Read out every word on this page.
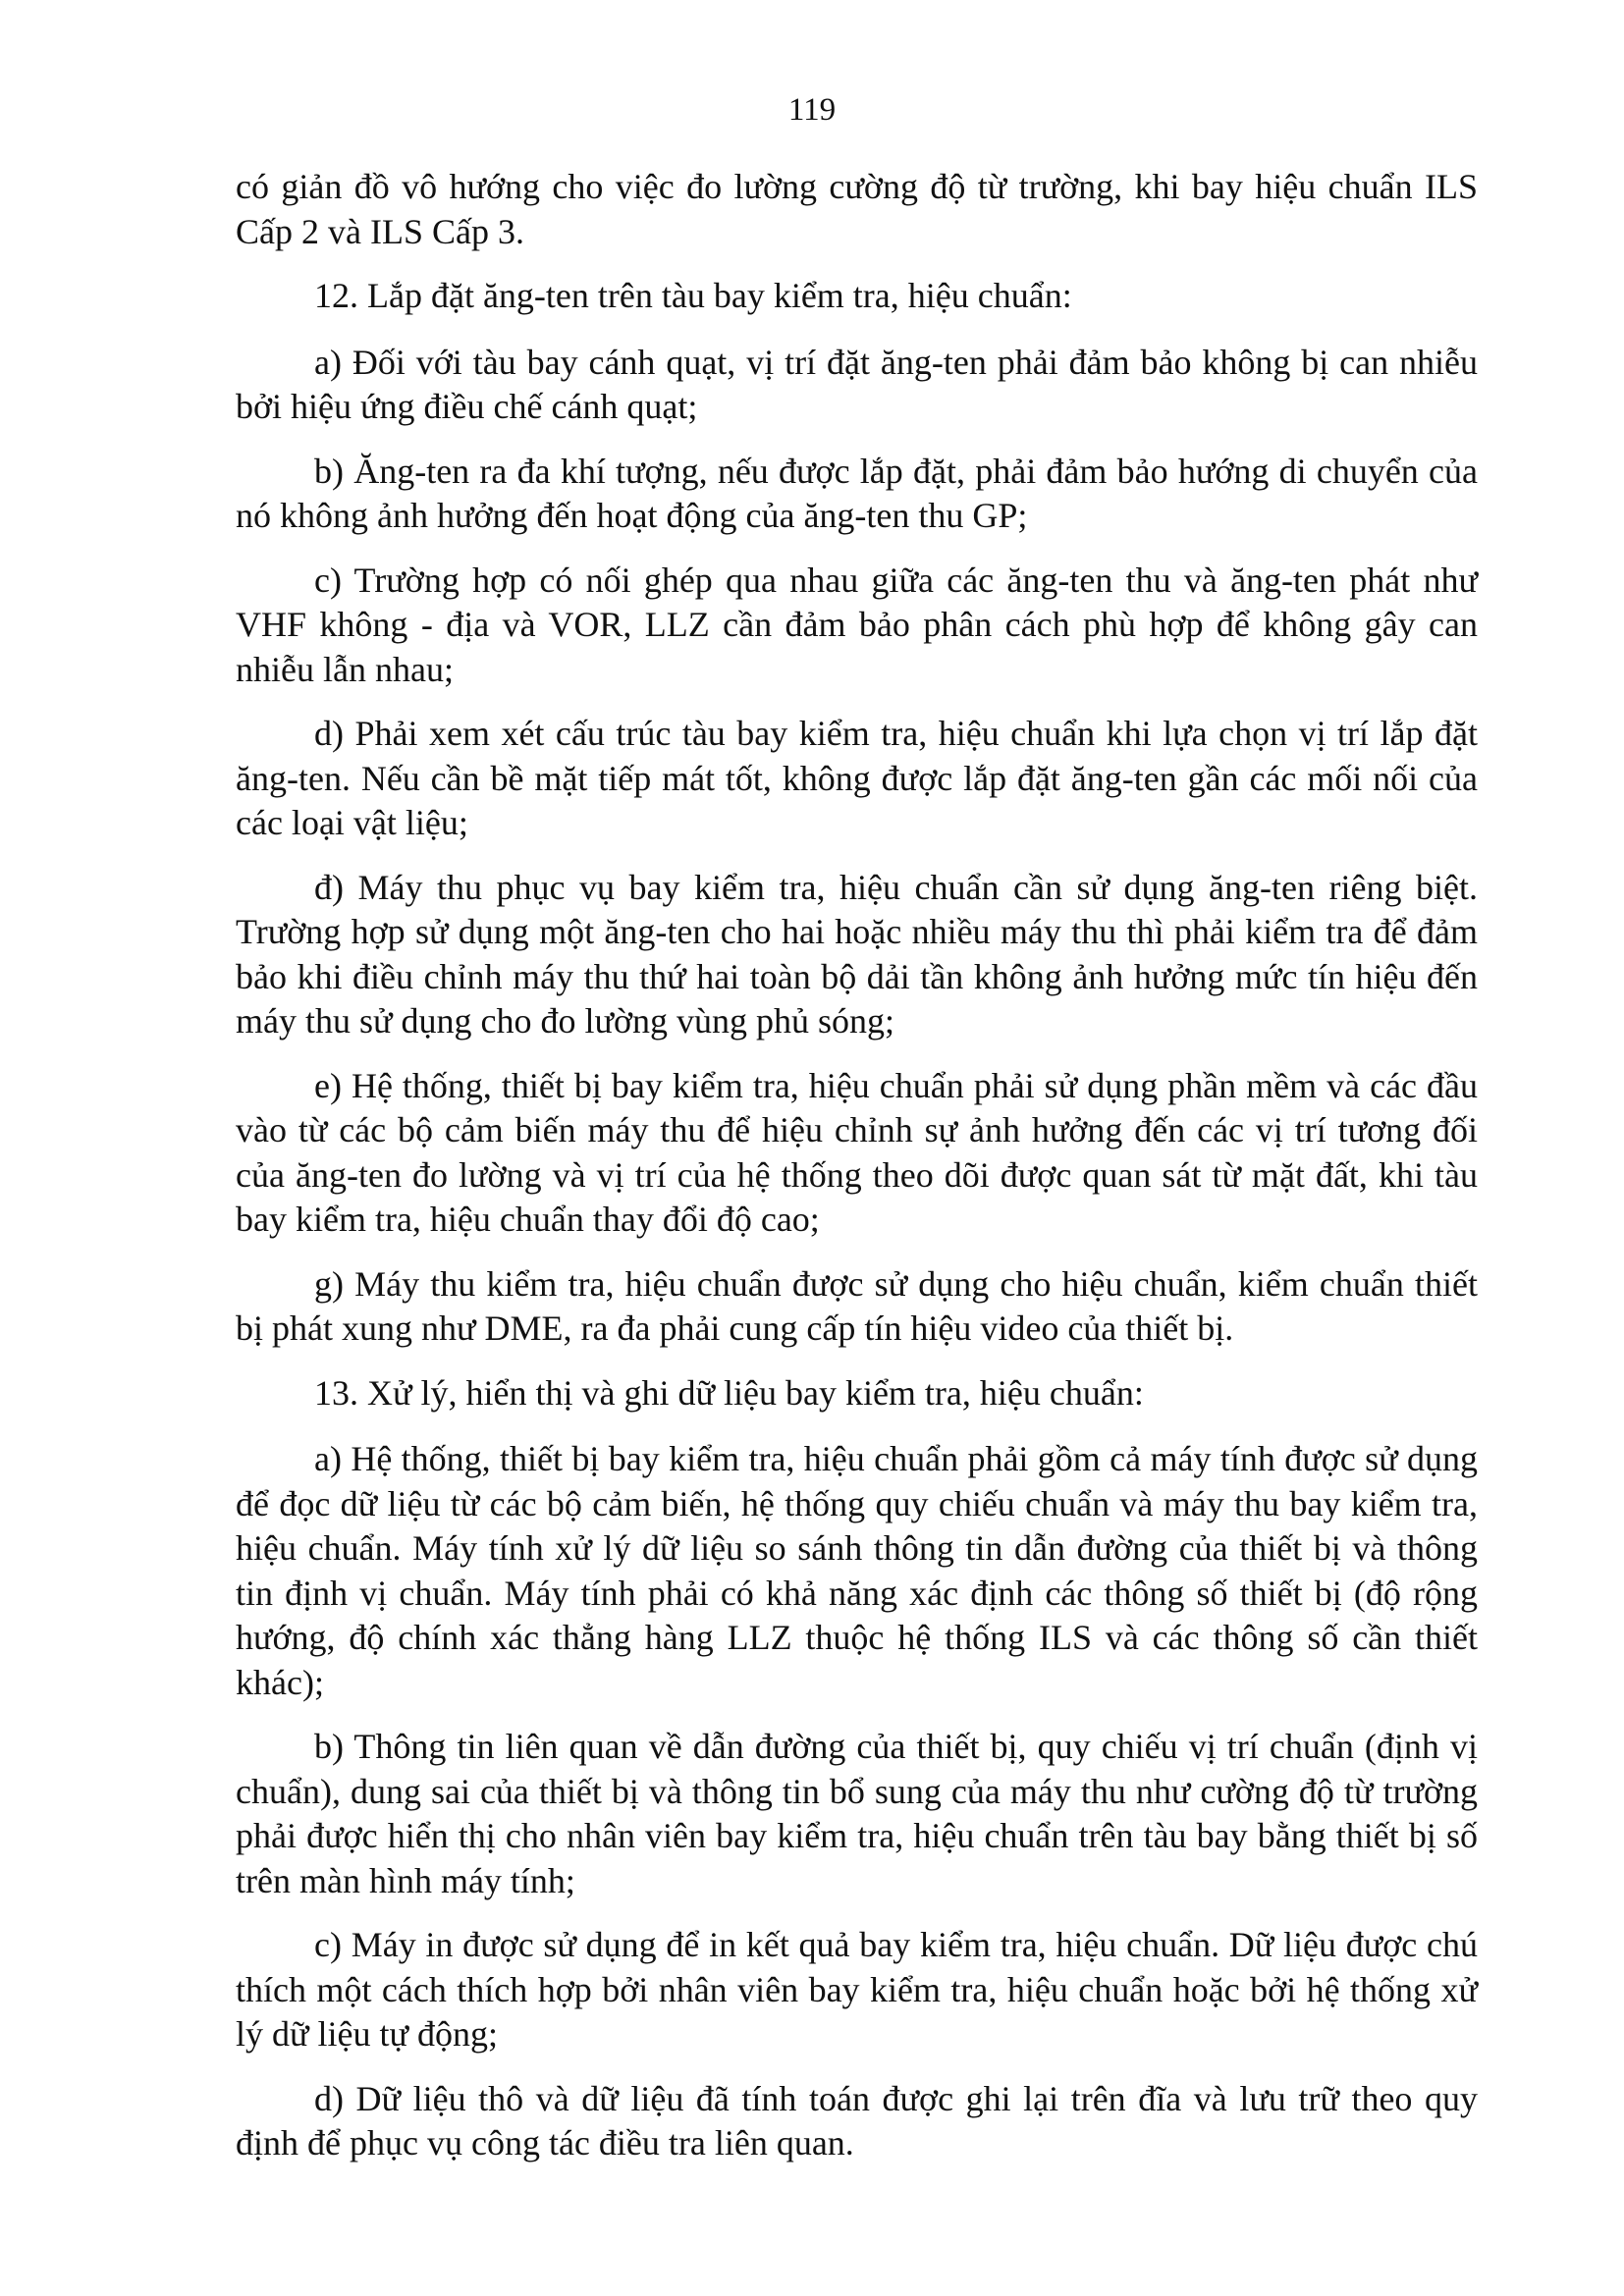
119

có giản đồ vô hướng cho việc đo lường cường độ từ trường, khi bay hiệu chuẩn ILS Cấp 2 và ILS Cấp 3.

12. Lắp đặt ăng-ten trên tàu bay kiểm tra, hiệu chuẩn:

a) Đối với tàu bay cánh quạt, vị trí đặt ăng-ten phải đảm bảo không bị can nhiễu bởi hiệu ứng điều chế cánh quạt;

b) Ăng-ten ra đa khí tượng, nếu được lắp đặt, phải đảm bảo hướng di chuyển của nó không ảnh hưởng đến hoạt động của ăng-ten thu GP;

c) Trường hợp có nối ghép qua nhau giữa các ăng-ten thu và ăng-ten phát như VHF không - địa và VOR, LLZ cần đảm bảo phân cách phù hợp để không gây can nhiễu lẫn nhau;

d) Phải xem xét cấu trúc tàu bay kiểm tra, hiệu chuẩn khi lựa chọn vị trí lắp đặt ăng-ten. Nếu cần bề mặt tiếp mát tốt, không được lắp đặt ăng-ten gần các mối nối của các loại vật liệu;

đ) Máy thu phục vụ bay kiểm tra, hiệu chuẩn cần sử dụng ăng-ten riêng biệt. Trường hợp sử dụng một ăng-ten cho hai hoặc nhiều máy thu thì phải kiểm tra để đảm bảo khi điều chỉnh máy thu thứ hai toàn bộ dải tần không ảnh hưởng mức tín hiệu đến máy thu sử dụng cho đo lường vùng phủ sóng;

e) Hệ thống, thiết bị bay kiểm tra, hiệu chuẩn phải sử dụng phần mềm và các đầu vào từ các bộ cảm biến máy thu để hiệu chỉnh sự ảnh hưởng đến các vị trí tương đối của ăng-ten đo lường và vị trí của hệ thống theo dõi được quan sát từ mặt đất, khi tàu bay kiểm tra, hiệu chuẩn thay đổi độ cao;

g) Máy thu kiểm tra, hiệu chuẩn được sử dụng cho hiệu chuẩn, kiểm chuẩn thiết bị phát xung như DME, ra đa phải cung cấp tín hiệu video của thiết bị.

13. Xử lý, hiển thị và ghi dữ liệu bay kiểm tra, hiệu chuẩn:

a) Hệ thống, thiết bị bay kiểm tra, hiệu chuẩn phải gồm cả máy tính được sử dụng để đọc dữ liệu từ các bộ cảm biến, hệ thống quy chiếu chuẩn và máy thu bay kiểm tra, hiệu chuẩn. Máy tính xử lý dữ liệu so sánh thông tin dẫn đường của thiết bị và thông tin định vị chuẩn. Máy tính phải có khả năng xác định các thông số thiết bị (độ rộng hướng, độ chính xác thẳng hàng LLZ thuộc hệ thống ILS và các thông số cần thiết khác);

b) Thông tin liên quan về dẫn đường của thiết bị, quy chiếu vị trí chuẩn (định vị chuẩn), dung sai của thiết bị và thông tin bổ sung của máy thu như cường độ từ trường phải được hiển thị cho nhân viên bay kiểm tra, hiệu chuẩn trên tàu bay bằng thiết bị số trên màn hình máy tính;

c) Máy in được sử dụng để in kết quả bay kiểm tra, hiệu chuẩn. Dữ liệu được chú thích một cách thích hợp bởi nhân viên bay kiểm tra, hiệu chuẩn hoặc bởi hệ thống xử lý dữ liệu tự động;

d) Dữ liệu thô và dữ liệu đã tính toán được ghi lại trên đĩa và lưu trữ theo quy định để phục vụ công tác điều tra liên quan.
